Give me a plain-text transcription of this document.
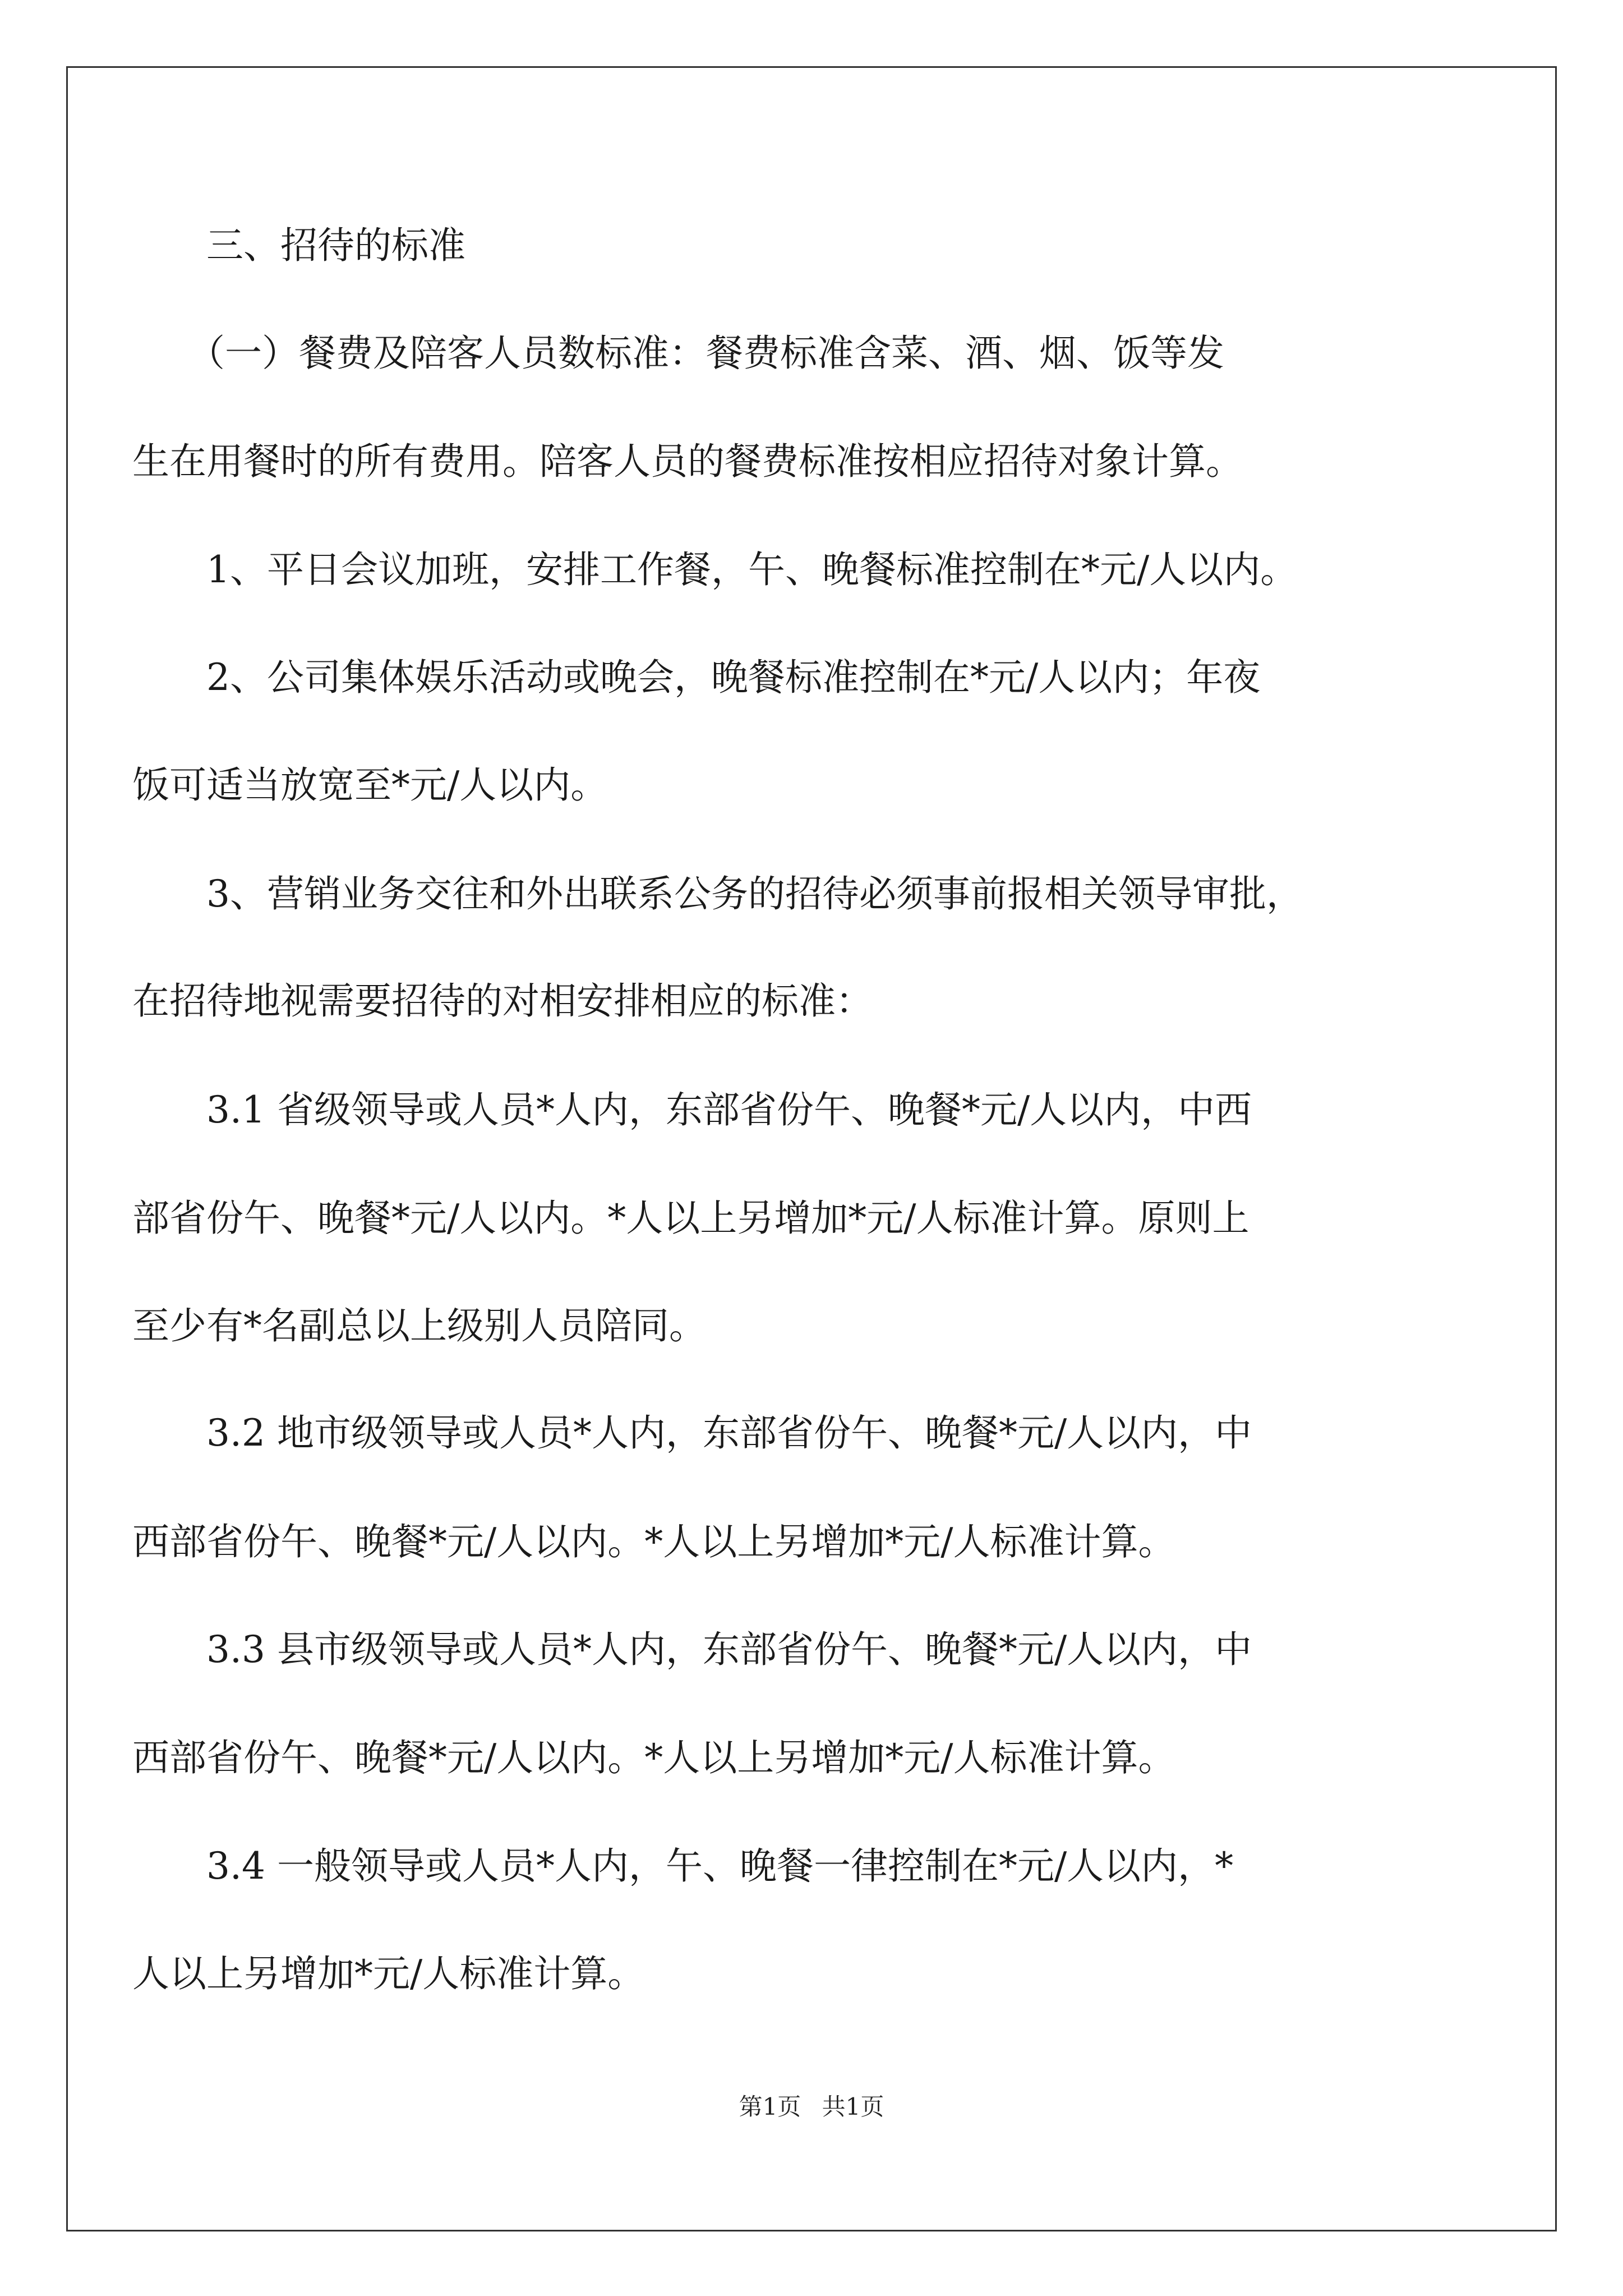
　　三、招待的标准
　　（一）餐费及陪客人员数标准：餐费标准含菜、酒、烟、饭等发
生在用餐时的所有费用。陪客人员的餐费标准按相应招待对象计算。
　　1、平日会议加班，安排工作餐，午、晚餐标准控制在*元/人以内。
　　2、公司集体娱乐活动或晚会，晚餐标准控制在*元/人以内；年夜
饭可适当放宽至*元/人以内。
　　3、营销业务交往和外出联系公务的招待必须事前报相关领导审批，
在招待地视需要招待的对相安排相应的标准：
　　3.1 省级领导或人员*人内，东部省份午、晚餐*元/人以内，中西
部省份午、晚餐*元/人以内。*人以上另增加*元/人标准计算。原则上
至少有*名副总以上级别人员陪同。
　　3.2 地市级领导或人员*人内，东部省份午、晚餐*元/人以内，中
西部省份午、晚餐*元/人以内。*人以上另增加*元/人标准计算。
　　3.3 县市级领导或人员*人内，东部省份午、晚餐*元/人以内，中
西部省份午、晚餐*元/人以内。*人以上另增加*元/人标准计算。
　　3.4 一般领导或人员*人内，午、晚餐一律控制在*元/人以内，*
人以上另增加*元/人标准计算。
第1页 共1页
